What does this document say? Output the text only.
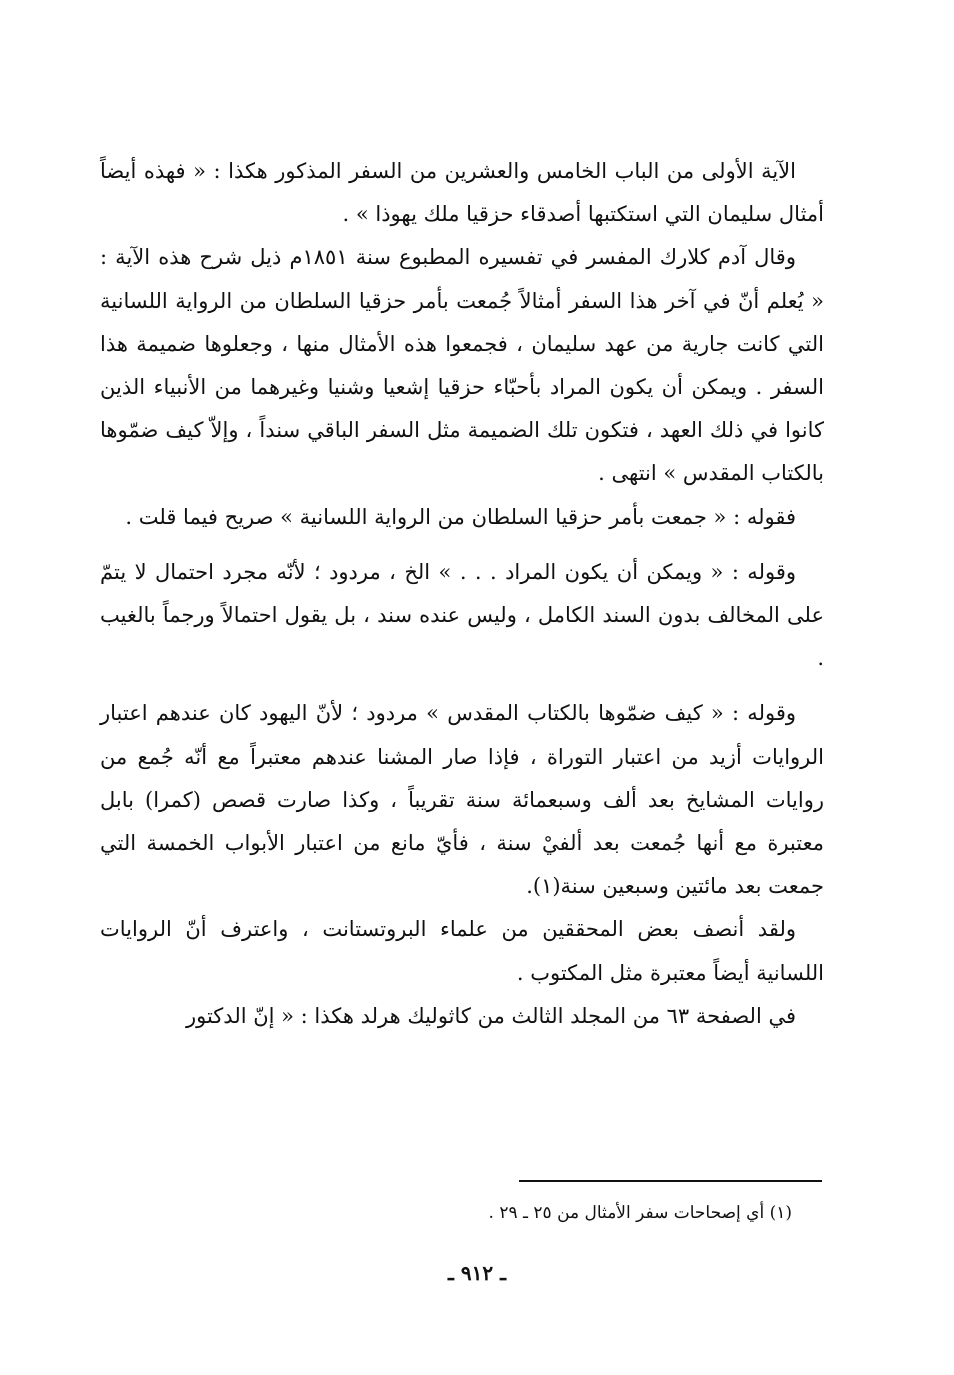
الآية الأولى من الباب الخامس والعشرين من السفر المذكور هكذا : « فهذه أيضاً أمثال سليمان التي استكتبها أصدقاء حزقيا ملك يهوذا » .

وقال آدم كلارك المفسر في تفسيره المطبوع سنة ١٨٥١م ذيل شرح هذه الآية : « يُعلم أنّ في آخر هذا السفر أمثالاً جُمعت بأمر حزقيا السلطان من الرواية اللسانية التي كانت جارية من عهد سليمان ، فجمعوا هذه الأمثال منها ، وجعلوها ضميمة هذا السفر . ويمكن أن يكون المراد بأحبّاء حزقيا إشعيا وشنيا وغيرهما من الأنبياء الذين كانوا في ذلك العهد ، فتكون تلك الضميمة مثل السفر الباقي سنداً ، وإلاّ كيف ضمّوها بالكتاب المقدس » انتهى .

فقوله : « جمعت بأمر حزقيا السلطان من الرواية اللسانية » صريح فيما قلت .

وقوله : « ويمكن أن يكون المراد . . . » الخ ، مردود ؛ لأنّه مجرد احتمال لا يتمّ على المخالف بدون السند الكامل ، وليس عنده سند ، بل يقول احتمالاً ورجماً بالغيب .

وقوله : « كيف ضمّوها بالكتاب المقدس » مردود ؛ لأنّ اليهود كان عندهم اعتبار الروايات أزيد من اعتبار التوراة ، فإذا صار المشنا عندهم معتبراً مع أنّه جُمع من روايات المشايخ بعد ألف وسبعمائة سنة تقريباً ، وكذا صارت قصص (كمرا) بابل معتبرة مع أنها جُمعت بعد ألفيْ سنة ، فأيّ مانع من اعتبار الأبواب الخمسة التي جمعت بعد مائتين وسبعين سنة(١).

ولقد أنصف بعض المحققين من علماء البروتستانت ، واعترف أنّ الروايات اللسانية أيضاً معتبرة مثل المكتوب .

في الصفحة ٦٣ من المجلد الثالث من كاثوليك هرلد هكذا : « إنّ الدكتور

(١) أي إصحاحات سفر الأمثال من ٢٥ ـ ٢٩ .
ـ ٩١٢ ـ
